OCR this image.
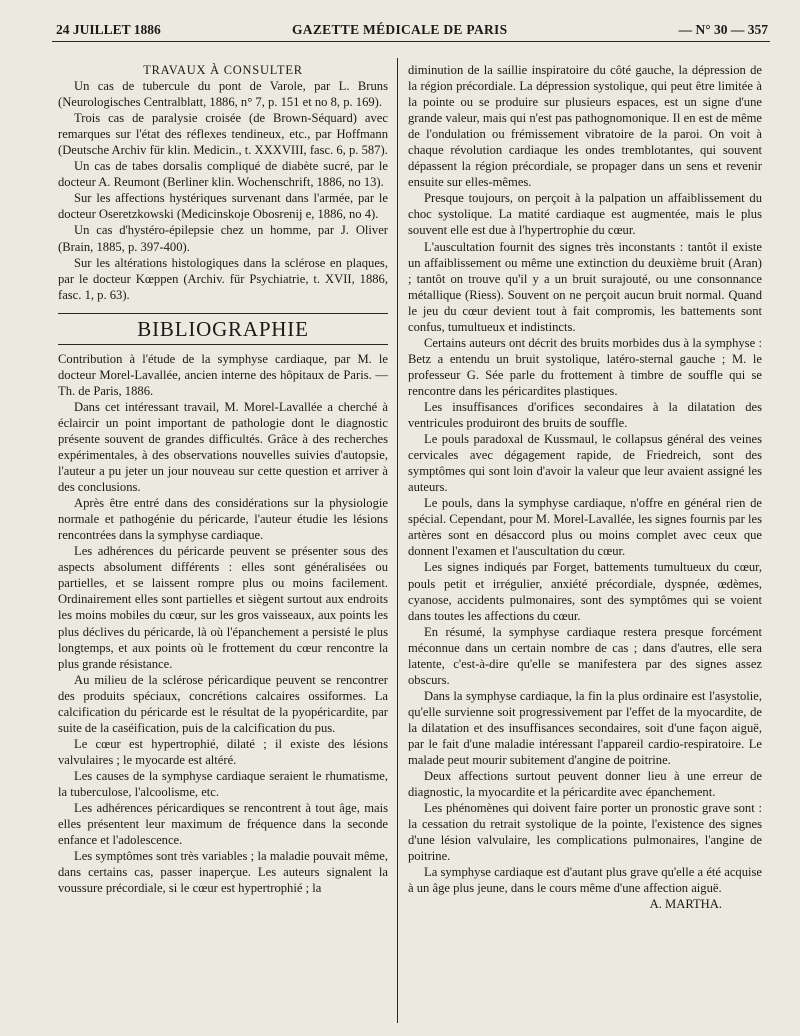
24 JUILLET 1886	GAZETTE MÉDICALE DE PARIS	— N° 30 — 357

TRAVAUX À CONSULTER

Un cas de tubercule du pont de Varole, par L. Bruns (Neurologisches Centralblatt, 1886, n° 7, p. 151 et no 8, p. 169).

Trois cas de paralysie croisée (de Brown-Séquard) avec remarques sur l'état des réflexes tendineux, etc., par Hoffmann (Deutsche Archiv für klin. Medicin., t. XXXVIII, fasc. 6, p. 587).

Un cas de tabes dorsalis compliqué de diabète sucré, par le docteur A. Reumont (Berliner klin. Wochenschrift, 1886, no 13).

Sur les affections hystériques survenant dans l'armée, par le docteur Oseretzkowski (Medicinskoje Obosrenij e, 1886, no 4).

Un cas d'hystéro-épilepsie chez un homme, par J. Oliver (Brain, 1885, p. 397-400).

Sur les altérations histologiques dans la sclérose en plaques, par le docteur Kœppen (Archiv. für Psychiatrie, t. XVII, 1886, fasc. 1, p. 63).

BIBLIOGRAPHIE

Contribution à l'étude de la symphyse cardiaque, par M. le docteur Morel-Lavallée, ancien interne des hôpitaux de Paris. — Th. de Paris, 1886.

Dans cet intéressant travail, M. Morel-Lavallée a cherché à éclaircir un point important de pathologie dont le diagnostic présente souvent de grandes difficultés. Grâce à des recherches expérimentales, à des observations nouvelles suivies d'autopsie, l'auteur a pu jeter un jour nouveau sur cette question et arriver à des conclusions.

Après être entré dans des considérations sur la physiologie normale et pathogénie du péricarde, l'auteur étudie les lésions rencontrées dans la symphyse cardiaque.

Les adhérences du péricarde peuvent se présenter sous des aspects absolument différents : elles sont généralisées ou partielles, et se laissent rompre plus ou moins facilement. Ordinairement elles sont partielles et siègent surtout aux endroits les moins mobiles du cœur, sur les gros vaisseaux, aux points les plus déclives du péricarde, là où l'épanchement a persisté le plus longtemps, et aux points où le frottement du cœur rencontre la plus grande résistance.

Au milieu de la sclérose péricardique peuvent se rencontrer des produits spéciaux, concrétions calcaires ossiformes. La calcification du péricarde est le résultat de la pyopéricardite, par suite de la caséification, puis de la calcification du pus.

Le cœur est hypertrophié, dilaté ; il existe des lésions valvulaires ; le myocarde est altéré.

Les causes de la symphyse cardiaque seraient le rhumatisme, la tuberculose, l'alcoolisme, etc.

Les adhérences péricardiques se rencontrent à tout âge, mais elles présentent leur maximum de fréquence dans la seconde enfance et l'adolescence.

Les symptômes sont très variables ; la maladie pouvait même, dans certains cas, passer inaperçue. Les auteurs signalent la voussure précordiale, si le cœur est hypertrophié ; la

diminution de la saillie inspiratoire du côté gauche, la dépression de la région précordiale. La dépression systolique, qui peut être limitée à la pointe ou se produire sur plusieurs espaces, est un signe d'une grande valeur, mais qui n'est pas pathognomonique. Il en est de même de l'ondulation ou frémissement vibratoire de la paroi. On voit à chaque révolution cardiaque les ondes tremblotantes, qui souvent dépassent la région précordiale, se propager dans un sens et revenir ensuite sur elles-mêmes.

Presque toujours, on perçoit à la palpation un affaiblissement du choc systolique. La matité cardiaque est augmentée, mais le plus souvent elle est due à l'hypertrophie du cœur.

L'auscultation fournit des signes très inconstants : tantôt il existe un affaiblissement ou même une extinction du deuxième bruit (Aran) ; tantôt on trouve qu'il y a un bruit surajouté, ou une consonnance métallique (Riess). Souvent on ne perçoit aucun bruit normal. Quand le jeu du cœur devient tout à fait compromis, les battements sont confus, tumultueux et indistincts.

Certains auteurs ont décrit des bruits morbides dus à la symphyse : Betz a entendu un bruit systolique, latéro-sternal gauche ; M. le professeur G. Sée parle du frottement à timbre de souffle qui se rencontre dans les péricardites plastiques.

Les insuffisances d'orifices secondaires à la dilatation des ventricules produiront des bruits de souffle.

Le pouls paradoxal de Kussmaul, le collapsus général des veines cervicales avec dégagement rapide, de Friedreich, sont des symptômes qui sont loin d'avoir la valeur que leur avaient assigné les auteurs.

Le pouls, dans la symphyse cardiaque, n'offre en général rien de spécial. Cependant, pour M. Morel-Lavallée, les signes fournis par les artères sont en désaccord plus ou moins complet avec ceux que donnent l'examen et l'auscultation du cœur.

Les signes indiqués par Forget, battements tumultueux du cœur, pouls petit et irrégulier, anxiété précordiale, dyspnée, œdèmes, cyanose, accidents pulmonaires, sont des symptômes qui se voient dans toutes les affections du cœur.

En résumé, la symphyse cardiaque restera presque forcément méconnue dans un certain nombre de cas ; dans d'autres, elle sera latente, c'est-à-dire qu'elle se manifestera par des signes assez obscurs.

Dans la symphyse cardiaque, la fin la plus ordinaire est l'asystolie, qu'elle survienne soit progressivement par l'effet de la myocardite, de la dilatation et des insuffisances secondaires, soit d'une façon aiguë, par le fait d'une maladie intéressant l'appareil cardio-respiratoire. Le malade peut mourir subitement d'angine de poitrine.

Deux affections surtout peuvent donner lieu à une erreur de diagnostic, la myocardite et la péricardite avec épanchement.

Les phénomènes qui doivent faire porter un pronostic grave sont : la cessation du retrait systolique de la pointe, l'existence des signes d'une lésion valvulaire, les complications pulmonaires, l'angine de poitrine.

La symphyse cardiaque est d'autant plus grave qu'elle a été acquise à un âge plus jeune, dans le cours même d'une affection aiguë.

A. MARTHA.
